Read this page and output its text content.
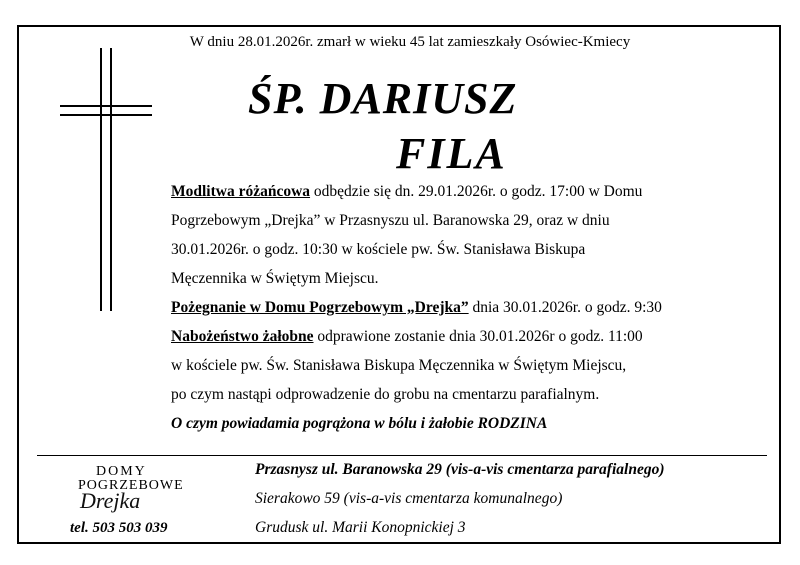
W dniu 28.01.2026r. zmarł w wieku 45 lat zamieszkały Osówiec-Kmiecy
ŚP. DARIUSZ
FILA
Modlitwa różańcowa odbędzie się dn. 29.01.2026r. o godz. 17:00 w Domu
Pogrzebowym „Drejka” w Przasnyszu ul. Baranowska 29, oraz w dniu
30.01.2026r. o godz. 10:30 w kościele pw. Św. Stanisława Biskupa
Męczennika w Świętym Miejscu.
Pożegnanie w Domu Pogrzebowym „Drejka” dnia 30.01.2026r. o godz. 9:30
Nabożeństwo żałobne odprawione zostanie dnia 30.01.2026r o godz. 11:00
w kościele pw. Św. Stanisława Biskupa Męczennika w Świętym Miejscu,
po czym nastąpi odprowadzenie do grobu na cmentarzu parafialnym.
O czym powiadamia pogrążona w bólu i żałobie RODZINA
DOMY
POGRZEBOWE
Drejka
tel. 503 503 039
Przasnysz ul. Baranowska 29 (vis-a-vis cmentarza parafialnego)
Sierakowo 59 (vis-a-vis cmentarza komunalnego)
Grudusk ul. Marii Konopnickiej 3
